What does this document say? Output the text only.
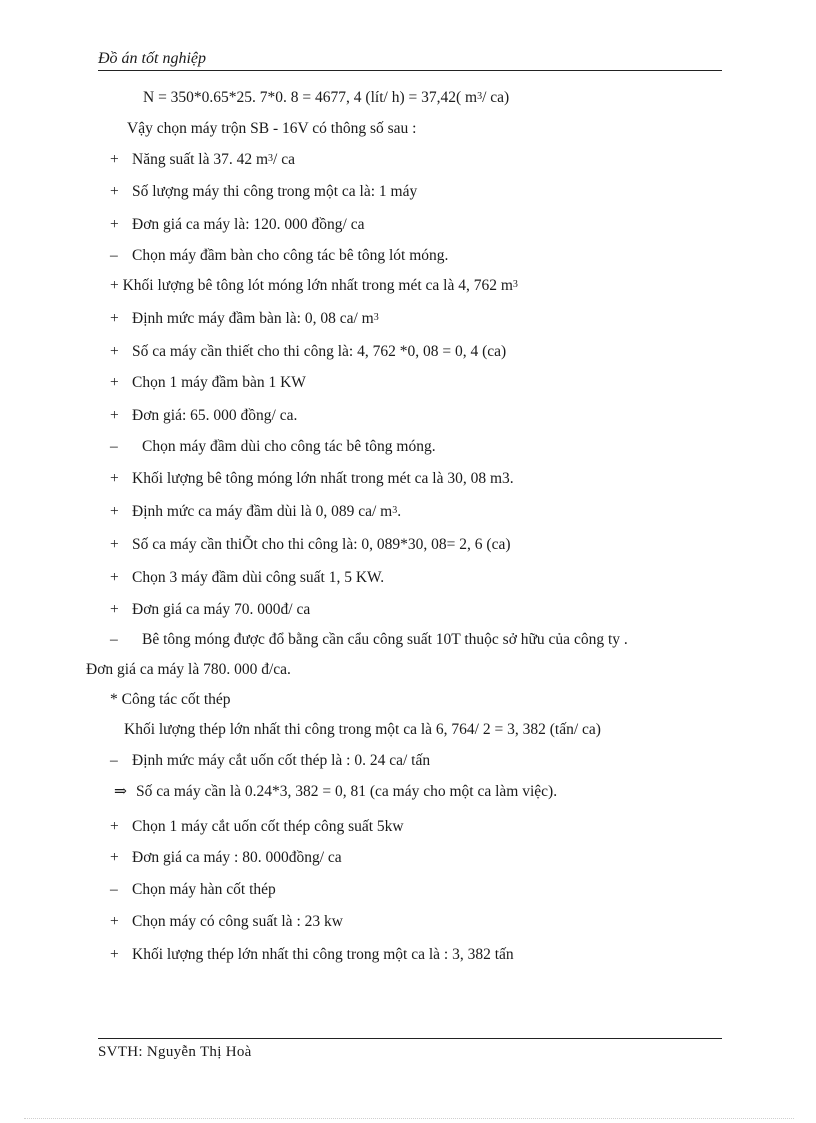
Đồ án tốt nghiệp
N = 350*0.65*25. 7*0. 8 = 4677, 4 (lít/ h) = 37,42( $m^3/$ ca)
Vậy chọn máy trộn SB - 16V có thông số sau :
+ Năng suất là 37. 42 $m^3/$ ca
+ Số lượng máy thi công trong một ca là: 1 máy
+ Đơn giá ca máy là: 120. 000 đồng/ ca
– Chọn máy đầm bàn cho công tác bê tông lót móng.
+ Khối lượng bê tông lót móng lớn nhất trong mét ca là 4, 762 $m^3$
+ Định mức máy đầm bàn là: 0, 08 ca/ $m^3$
+ Số ca máy cần thiết cho thi công là: 4, 762 *0, 08 = 0, 4 (ca)
+ Chọn 1 máy đầm bàn 1 KW
+ Đơn giá: 65. 000 đồng/ ca.
– Chọn máy đầm dùi cho công tác bê tông móng.
+ Khối lượng bê tông móng lớn nhất trong mét ca là 30, 08 m3.
+ Định mức ca máy đầm dùi là 0, 089 ca/ $m^3$.
+ Số ca máy cần thiÕt cho thi công là: 0, 089*30, 08= 2, 6 (ca)
+ Chọn 3 máy đầm dùi công suất 1, 5 KW.
+ Đơn giá ca máy 70. 000đ/ ca
– Bê tông móng được đổ bằng cần cẩu công suất 10T thuộc sở hữu của công ty .
Đơn giá ca máy là 780. 000 đ/ca.
* Công tác cốt thép
Khối lượng thép lớn nhất thi công trong một ca là 6, 764/ 2 = 3, 382 (tấn/ ca)
– Định mức máy cắt uốn cốt thép là : 0. 24 ca/ tấn
⇒ Số ca máy cần là 0.24*3, 382 = 0, 81 (ca máy cho một ca làm việc).
+ Chọn 1 máy cắt uốn cốt thép công suất 5kw
+ Đơn giá ca máy : 80. 000đồng/ ca
– Chọn máy hàn cốt thép
+ Chọn máy có công suất là : 23 kw
+ Khối lượng thép lớn nhất thi công trong một ca là : 3, 382 tấn
SVTH: Nguyễn Thị Hoà
